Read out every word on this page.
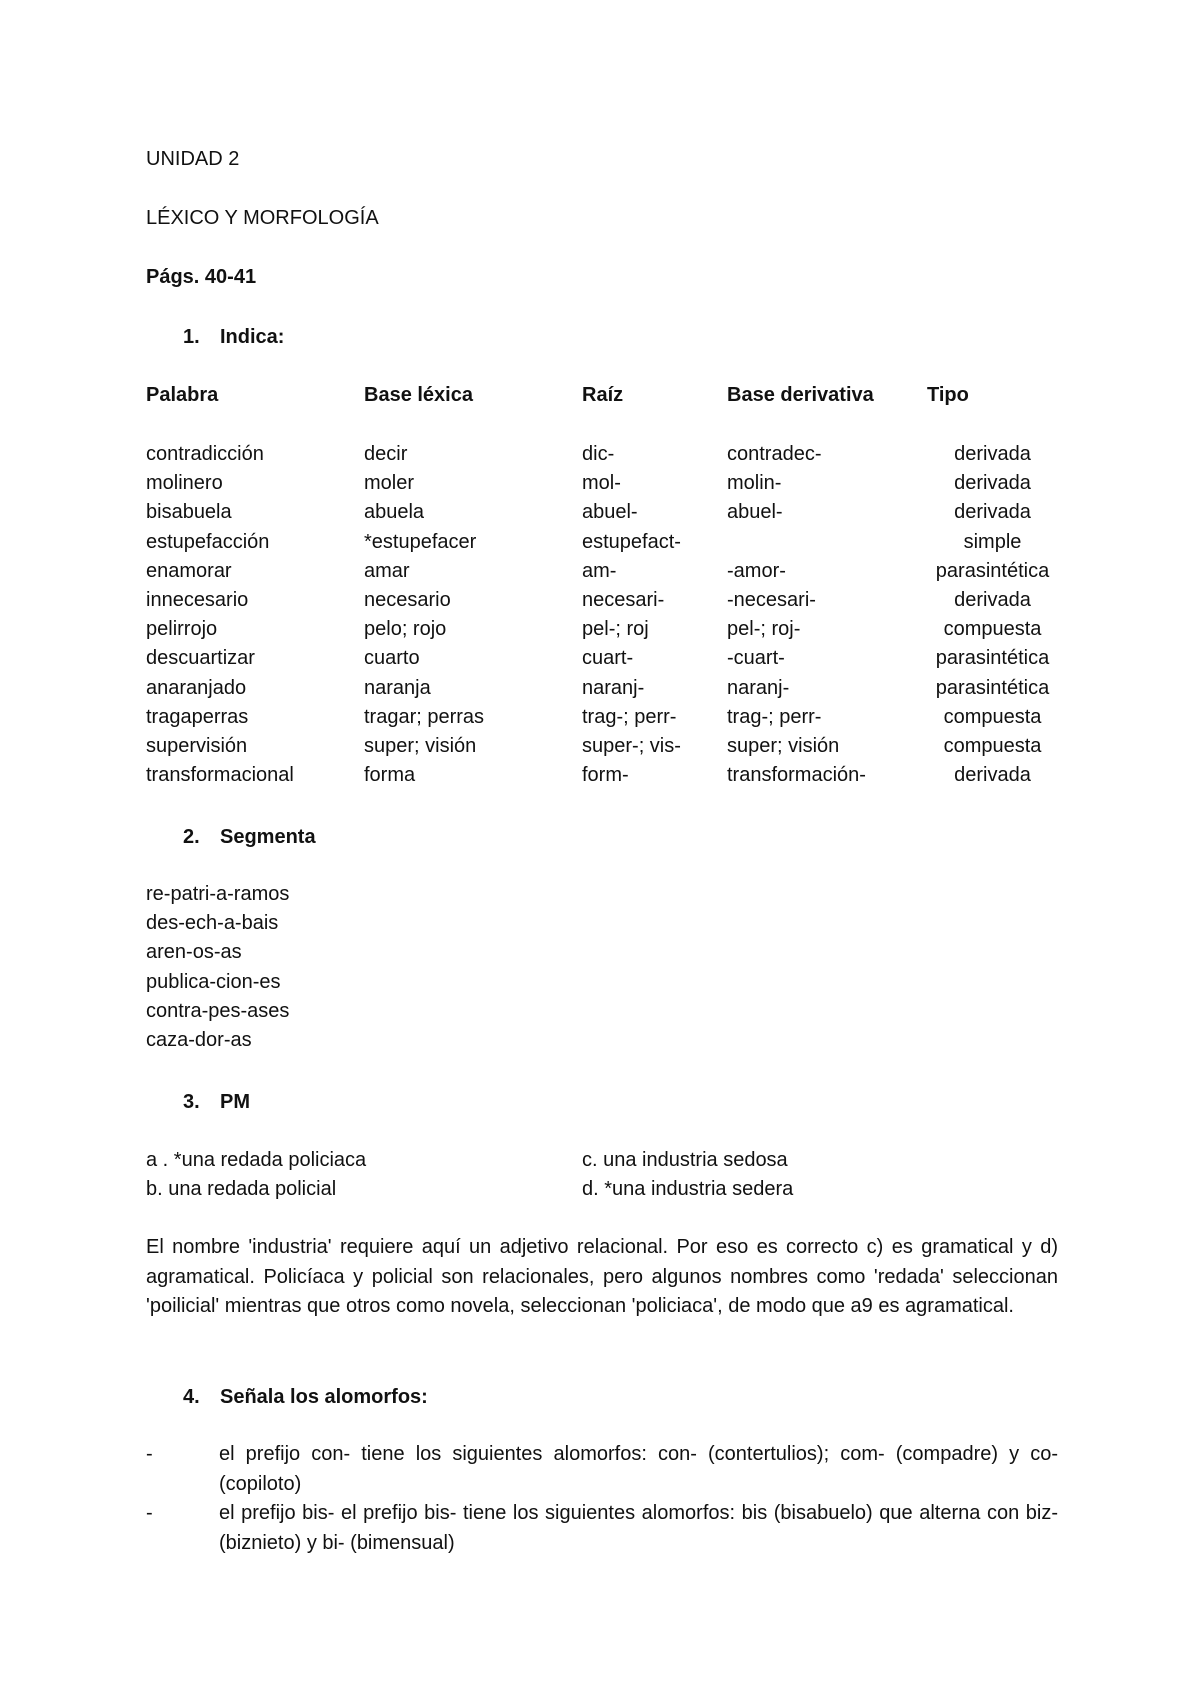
UNIDAD 2
LÉXICO Y MORFOLOGÍA
Págs. 40-41
1. Indica:
Palabra	Base léxica	Raíz	Base derivativa	Tipo
contradicción	decir	dic-	contradec-	derivada
molinero	moler	mol-	molin-	derivada
bisabuela	abuela	abuel-	abuel-	derivada
estupefacción	*estupefacer	estupefact-		simple
enamorar	amar	am-	-amor-	parasintética
innecesario	necesario	necesari-	-necesari-	derivada
pelirrojo	pelo; rojo	pel-; roj	pel-; roj-	compuesta
descuartizar	cuarto	cuart-	-cuart-	parasintética
anaranjado	naranja	naranj-	naranj-	parasintética
tragaperras	tragar; perras	trag-; perr-	trag-; perr-	compuesta
supervisión	super; visión	super-; vis-	super; visión	compuesta
transformacional	forma	form-	transformación-	derivada
2. Segmenta
re-patri-a-ramos
des-ech-a-bais
aren-os-as
publica-cion-es
contra-pes-ases
caza-dor-as
3. PM
a . *una redada policiaca	c. una industria sedosa
b. una redada policial	d. *una industria sedera
El nombre 'industria' requiere aquí un adjetivo relacional. Por eso es correcto c) es gramatical y d) agramatical. Policíaca y policial son relacionales, pero algunos nombres como 'redada' seleccionan 'poilicial' mientras que otros como novela, seleccionan 'policiaca', de modo que a9 es agramatical.
4. Señala los alomorfos:
-	el prefijo con- tiene los siguientes alomorfos: con- (contertulios); com- (compadre) y co- (copiloto)
-	el prefijo bis- el prefijo bis- tiene los siguientes alomorfos: bis (bisabuelo) que alterna con biz- (biznieto) y bi- (bimensual)
